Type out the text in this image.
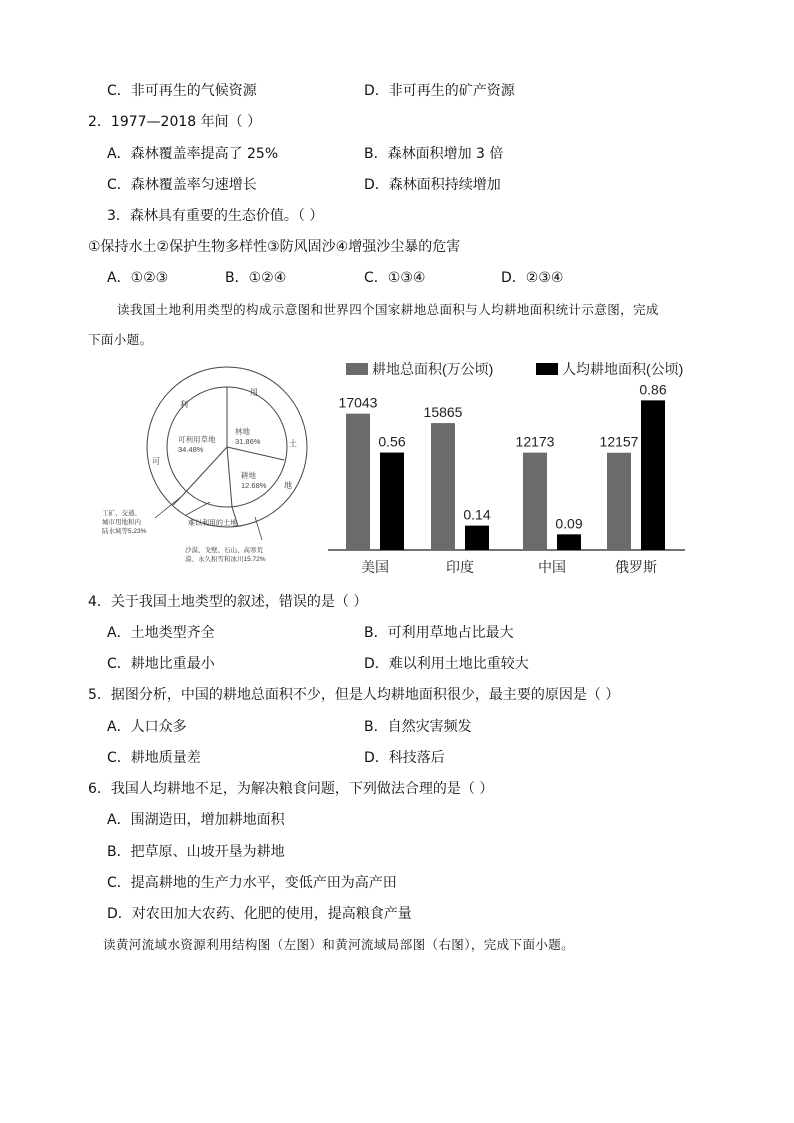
C．非可再生的气候资源	D．非可再生的矿产资源
2．1977—2018 年间（ ）
A．森林覆盖率提高了 25%	B．森林面积增加 3 倍
C．森林覆盖率匀速增长	D．森林面积持续增加
3．森林具有重要的生态价值。（ ）
①保持水土②保护生物多样性③防风固沙④增强沙尘暴的危害
A．①②③	B．①②④	C．①③④	D．②③④
读我国土地利用类型的构成示意图和世界四个国家耕地总面积与人均耕地面积统计示意图，完成
下面小题。
利
用
土
地
可
林地
31.86%
可利用草地
34.48%
耕地
12.68%
工矿、交通、
城市用地和内
陆水域等5.23%
难以利用的土地
沙漠、戈壁、石山、高寒荒
漠、永久积雪和冰川15.72%
耕地总面积(万公顷)	人均耕地面积(公顷)
17043
0.56
美国
15865
0.14
印度
12173
0.09
中国
12157
0.86
俄罗斯
4．关于我国土地类型的叙述，错误的是（ ）
A．土地类型齐全	B．可利用草地占比最大
C．耕地比重最小	D．难以利用土地比重较大
5．据图分析，中国的耕地总面积不少，但是人均耕地面积很少，最主要的原因是（ ）
A．人口众多	B．自然灾害频发
C．耕地质量差	D．科技落后
6．我国人均耕地不足，为解决粮食问题，下列做法合理的是（ ）
A．围湖造田，增加耕地面积
B．把草原、山坡开垦为耕地
C．提高耕地的生产力水平，变低产田为高产田
D．对农田加大农药、化肥的使用，提高粮食产量
读黄河流域水资源利用结构图（左图）和黄河流域局部图（右图），完成下面小题。
